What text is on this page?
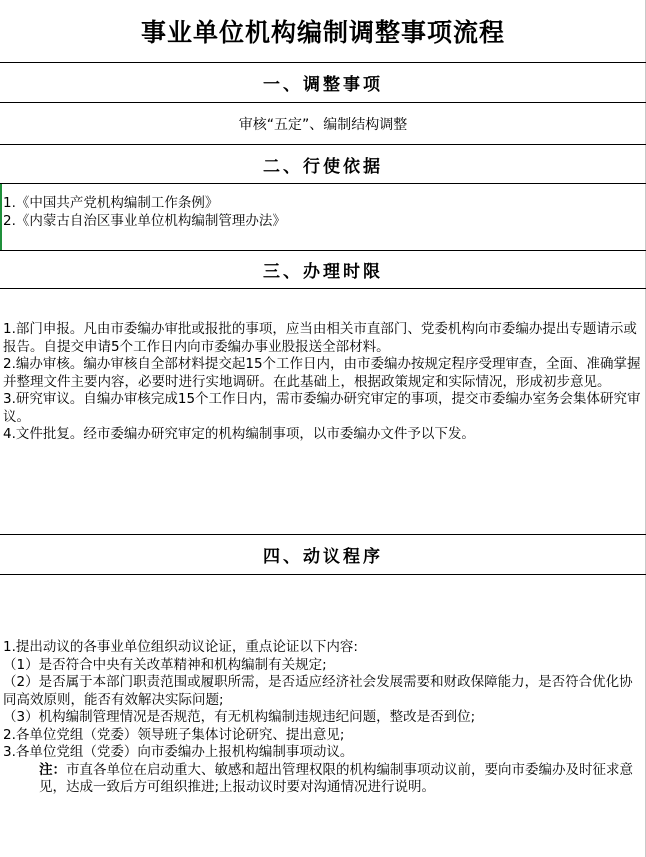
事业单位机构编制调整事项流程
一、调整事项
审核“五定”、编制结构调整
二、行使依据

1.《中国共产党机构编制工作条例》

2.《内蒙古自治区事业单位机构编制管理办法》

三、办理时限

1.部门申报。凡由市委编办审批或报批的事项，应当由相关市直部门、党委机构向市委编办提出专题请示或报告。自提交申请5个工作日内向市委编办事业股报送全部材料。

2.编办审核。编办审核自全部材料提交起15个工作日内，由市委编办按规定程序受理审查，全面、准确掌握并整理文件主要内容，必要时进行实地调研。在此基础上，根据政策规定和实际情况，形成初步意见。

3.研究审议。自编办审核完成15个工作日内，需市委编办研究审定的事项，提交市委编办室务会集体研究审议。

4.文件批复。经市委编办研究审定的机构编制事项，以市委编办文件予以下发。

四、动议程序

1.提出动议的各事业单位组织动议论证，重点论证以下内容:

（1）是否符合中央有关改革精神和机构编制有关规定;

（2）是否属于本部门职责范围或履职所需，是否适应经济社会发展需要和财政保障能力，是否符合优化协同高效原则，能否有效解决实际问题;

（3）机构编制管理情况是否规范，有无机构编制违规违纪问题，整改是否到位;

2.各单位党组（党委）领导班子集体讨论研究、提出意见;

3.各单位党组（党委）向市委编办上报机构编制事项动议。

注：市直各单位在启动重大、敏感和超出管理权限的机构编制事项动议前，要向市委编办及时征求意见，达成一致后方可组织推进;上报动议时要对沟通情况进行说明。
